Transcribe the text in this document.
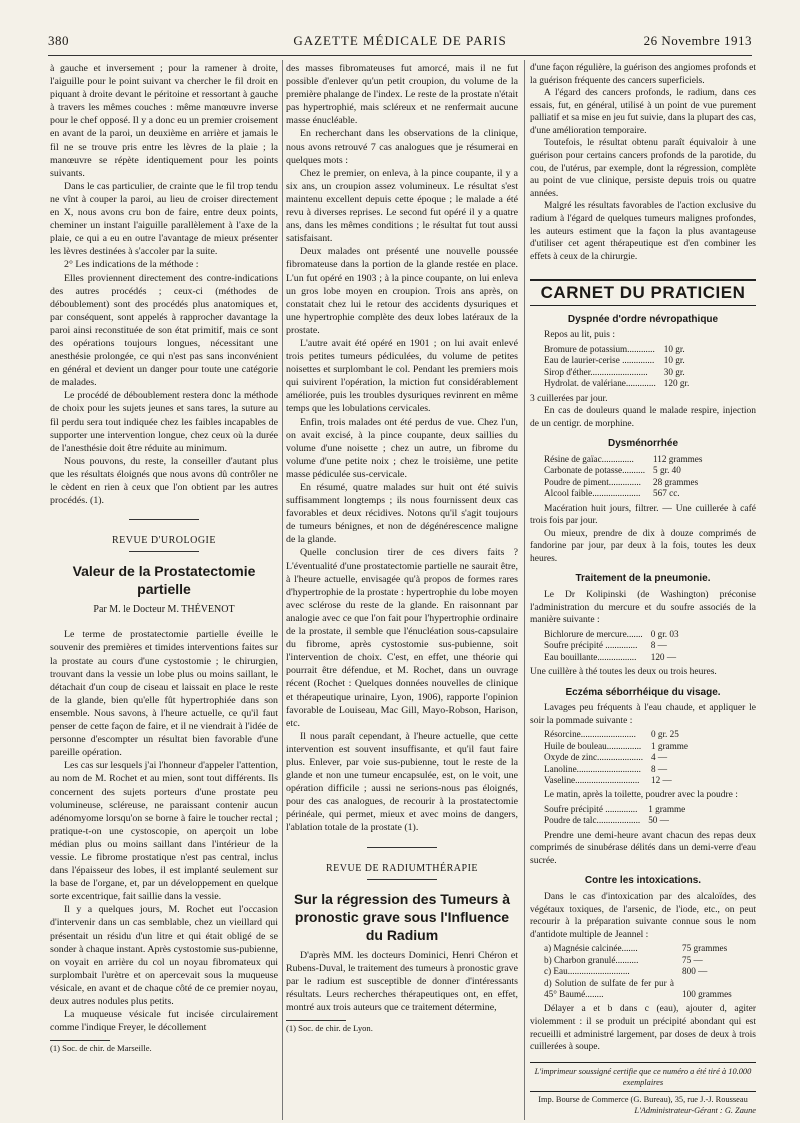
380	GAZETTE MÉDICALE DE PARIS	26 Novembre 1913

à gauche et inversement ; pour la ramener à droite, l'aiguille pour le point suivant va chercher le fil droit en piquant à droite devant le péritoine et ressortant à gauche à travers les mêmes couches : même manœuvre inverse pour le chef opposé. Il y a donc eu un premier croisement en avant de la paroi, un deuxième en arrière et jamais le fil ne se trouve pris entre les lèvres de la plaie ; la manœuvre se répète identiquement pour les points suivants.

Dans le cas particulier, de crainte que le fil trop tendu ne vînt à couper la paroi, au lieu de croiser directement en X, nous avons cru bon de faire, entre deux points, cheminer un instant l'aiguille parallèlement à l'axe de la plaie, ce qui a eu en outre l'avantage de mieux présenter les lèvres destinées à s'accoler par la suite.

2° Les indications de la méthode :

Elles proviennent directement des contre-indications des autres procédés ; ceux-ci (méthodes de déboublement) sont des procédés plus anatomiques et, par conséquent, sont appelés à rapprocher davantage la paroi ainsi reconstituée de son état primitif, mais ce sont des opérations toujours longues, nécessitant une anesthésie prolongée, ce qui n'est pas sans inconvénient en général et devient un danger pour toute une catégorie de malades.

Le procédé de déboublement restera donc la méthode de choix pour les sujets jeunes et sans tares, la suture au fil perdu sera tout indiquée chez les faibles incapables de supporter une intervention longue, chez ceux où la durée de l'anesthésie doit être réduite au minimum.

Nous pouvons, du reste, la conseiller d'autant plus que les résultats éloignés que nous avons dû contrôler ne le cèdent en rien à ceux que l'on obtient par les autres procédés. (1).

REVUE D'UROLOGIE
Valeur de la Prostatectomie partielle
Par M. le Docteur M. THÉVENOT

Le terme de prostatectomie partielle éveille le souvenir des premières et timides interventions faites sur la prostate au cours d'une cystostomie ; le chirurgien, trouvant dans la vessie un lobe plus ou moins saillant, le détachait d'un coup de ciseau et laissait en place le reste de la glande, bien qu'elle fût hypertrophiée dans son ensemble. Nous savons, à l'heure actuelle, ce qu'il faut penser de cette façon de faire, et il ne viendrait à l'idée de personne d'escompter un résultat bien favorable d'une pareille opération.

Les cas sur lesquels j'ai l'honneur d'appeler l'attention, au nom de M. Rochet et au mien, sont tout différents. Ils concernent des sujets porteurs d'une prostate peu volumineuse, scléreuse, ne paraissant contenir aucun adénomyome lorsqu'on se borne à faire le toucher rectal ; pratique-t-on une cystoscopie, on aperçoit un lobe médian plus ou moins saillant dans l'intérieur de la vessie. Le fibrome prostatique n'est pas central, inclus dans l'épaisseur des lobes, il est implanté seulement sur la base de l'organe, et, par un développement en quelque sorte excentrique, fait saillie dans la vessie.

Il y a quelques jours, M. Rochet eut l'occasion d'intervenir dans un cas semblable, chez un vieillard qui présentait un résidu d'un litre et qui était obligé de se sonder à chaque instant. Après cystostomie sus-pubienne, on voyait en arrière du col un noyau fibromateux qui surplombait l'urètre et on apercevait sous la muqueuse vésicale, en avant et de chaque côté de ce premier noyau, deux autres nodules plus petits.

La muqueuse vésicale fut incisée circulairement comme l'indique Freyer, le décollement

(1) Soc. de chir. de Marseille.

des masses fibromateuses fut amorcé, mais il ne fut possible d'enlever qu'un petit croupion, du volume de la première phalange de l'index. Le reste de la prostate n'était pas hypertrophié, mais scléreux et ne renfermait aucune masse énucléable.

En recherchant dans les observations de la clinique, nous avons retrouvé 7 cas analogues que je résumerai en quelques mots :

Chez le premier, on enleva, à la pince coupante, il y a six ans, un croupion assez volumineux. Le résultat s'est maintenu excellent depuis cette époque ; le malade a été revu à diverses reprises. Le second fut opéré il y a quatre ans, dans les mêmes conditions ; le résultat fut tout aussi satisfaisant.

Deux malades ont présenté une nouvelle poussée fibromateuse dans la portion de la glande restée en place. L'un fut opéré en 1903 ; à la pince coupante, on lui enleva un gros lobe moyen en croupion. Trois ans après, on constatait chez lui le retour des accidents dysuriques et une hypertrophie complète des deux lobes latéraux de la prostate.

L'autre avait été opéré en 1901 ; on lui avait enlevé trois petites tumeurs pédiculées, du volume de petites noisettes et surplombant le col. Pendant les premiers mois qui suivirent l'opération, la miction fut considérablement améliorée, puis les troubles dysuriques revinrent en même temps que les lobulations cervicales.

Enfin, trois malades ont été perdus de vue. Chez l'un, on avait excisé, à la pince coupante, deux saillies du volume d'une noisette ; chez un autre, un fibrome du volume d'une petite noix ; chez le troisième, une petite masse pédiculée sus-cervicale.

En résumé, quatre malades sur huit ont été suivis suffisamment longtemps ; ils nous fournissent deux cas favorables et deux récidives. Notons qu'il s'agit toujours de tumeurs bénignes, et non de dégénérescence maligne de la glande.

Quelle conclusion tirer de ces divers faits ? L'éventualité d'une prostatectomie partielle ne saurait être, à l'heure actuelle, envisagée qu'à propos de formes rares d'hypertrophie de la prostate : hypertrophie du lobe moyen avec sclérose du reste de la glande. En raisonnant par analogie avec ce que l'on fait pour l'hypertrophie ordinaire de la prostate, il semble que l'énucléation sous-capsulaire du fibrome, après cystostomie sus-pubienne, soit l'intervention de choix. C'est, en effet, une théorie qui pourrait être défendue, et M. Rochet, dans un ouvrage récent (Rochet : Quelques données nouvelles de clinique et thérapeutique urinaire, Lyon, 1906), rapporte l'opinion favorable de Louiseau, Mac Gill, Mayo-Robson, Harison, etc.

Il nous paraît cependant, à l'heure actuelle, que cette intervention est souvent insuffisante, et qu'il faut faire plus. Enlever, par voie sus-pubienne, tout le reste de la glande et non une tumeur encapsulée, est, on le voit, une opération difficile ; aussi ne serions-nous pas éloignés, pour des cas analogues, de recourir à la prostatectomie périnéale, qui permet, mieux et avec moins de dangers, l'ablation totale de la prostate (1).

REVUE DE RADIUMTHÉRAPIE
Sur la régression des Tumeurs à pronostic grave sous l'Influence du Radium

D'après MM. les docteurs Dominici, Henri Chéron et Rubens-Duval, le traitement des tumeurs à pronostic grave par le radium est susceptible de donner d'intéressants résultats. Leurs recherches thérapeutiques ont, en effet, montré aux trois auteurs que ce traitement détermine,

(1) Soc. de chir. de Lyon.

d'une façon régulière, la guérison des angiomes profonds et la guérison fréquente des cancers superficiels.

A l'égard des cancers profonds, le radium, dans ces essais, fut, en général, utilisé à un point de vue purement palliatif et sa mise en jeu fut suivie, dans la plupart des cas, d'une amélioration temporaire.

Toutefois, le résultat obtenu paraît équivaloir à une guérison pour certains cancers profonds de la parotide, du cou, de l'utérus, par exemple, dont la régression, complète au point de vue clinique, persiste depuis trois ou quatre années.

Malgré les résultats favorables de l'action exclusive du radium à l'égard de quelques tumeurs malignes profondes, les auteurs estiment que la façon la plus avantageuse d'utiliser cet agent thérapeutique est d'en combiner les effets à ceux de la chirurgie.

CARNET DU PRATICIEN
Dyspnée d'ordre névropathique

Repos au lit, puis :

Bromure de potassium............	10 gr.
Eau de laurier-cerise ..............	10 gr.
Sirop d'éther.........................	30 gr.
Hydrolat. de valériane.............	120 gr.

3 cuillerées par jour.

En cas de douleurs quand le malade respire, injection de un centigr. de morphine.

Dysménorrhée
Résine de gaïac..............	112 grammes
Carbonate de potasse..........	5 gr. 40
Poudre de piment..............	28 grammes
Alcool faible.....................	567 cc.

Macération huit jours, filtrer. — Une cuillerée à café trois fois par jour.

Ou mieux, prendre de dix à douze comprimés de fandorine par jour, par deux à la fois, toutes les deux heures.

Traitement de la pneumonie.

Le Dr Kolipinski (de Washington) préconise l'administration du mercure et du soufre associés de la manière suivante :

Bichlorure de mercure.......	0 gr. 03
Soufre précipité ..............	8 —
Eau bouillante.................	120 —

Une cuillère à thé toutes les deux ou trois heures.

Eczéma séborrhéique du visage.

Lavages peu fréquents à l'eau chaude, et appliquer le soir la pommade suivante :

Résorcine........................	0 gr. 25
Huile de bouleau...............	1 gramme
Oxyde de zinc....................	4 —
Lanoline............................	8 —
Vaseline............................	12 —

Le matin, après la toilette, poudrer avec la poudre :

Soufre précipité ..............	1 gramme
Poudre de talc...................	50 —

Prendre une demi-heure avant chacun des repas deux comprimés de sinubérase délités dans un demi-verre d'eau sucrée.

Contre les intoxications.

Dans le cas d'intoxication par des alcaloïdes, des végétaux toxiques, de l'arsenic, de l'iode, etc., on peut recourir à la préparation suivante connue sous le nom d'antidote multiple de Jeannel :

a) Magnésie calcinée.......	75 grammes
b) Charbon granulé..........	75 —
c) Eau...........................	800 —
d) Solution de sulfate de fer pur à 45° Baumé........	100 grammes

Délayer a et b dans c (eau), ajouter d, agiter violemment : il se produit un précipité abondant qui est recueilli et administré largement, par doses de deux à trois cuillerées à soupe.

L'imprimeur soussigné certifie que ce numéro a été tiré à 10.000 exemplaires
Imp. Bourse de Commerce (G. Bureau), 35, rue J.-J. Rousseau
L'Administrateur-Gérant : G. Zaune
